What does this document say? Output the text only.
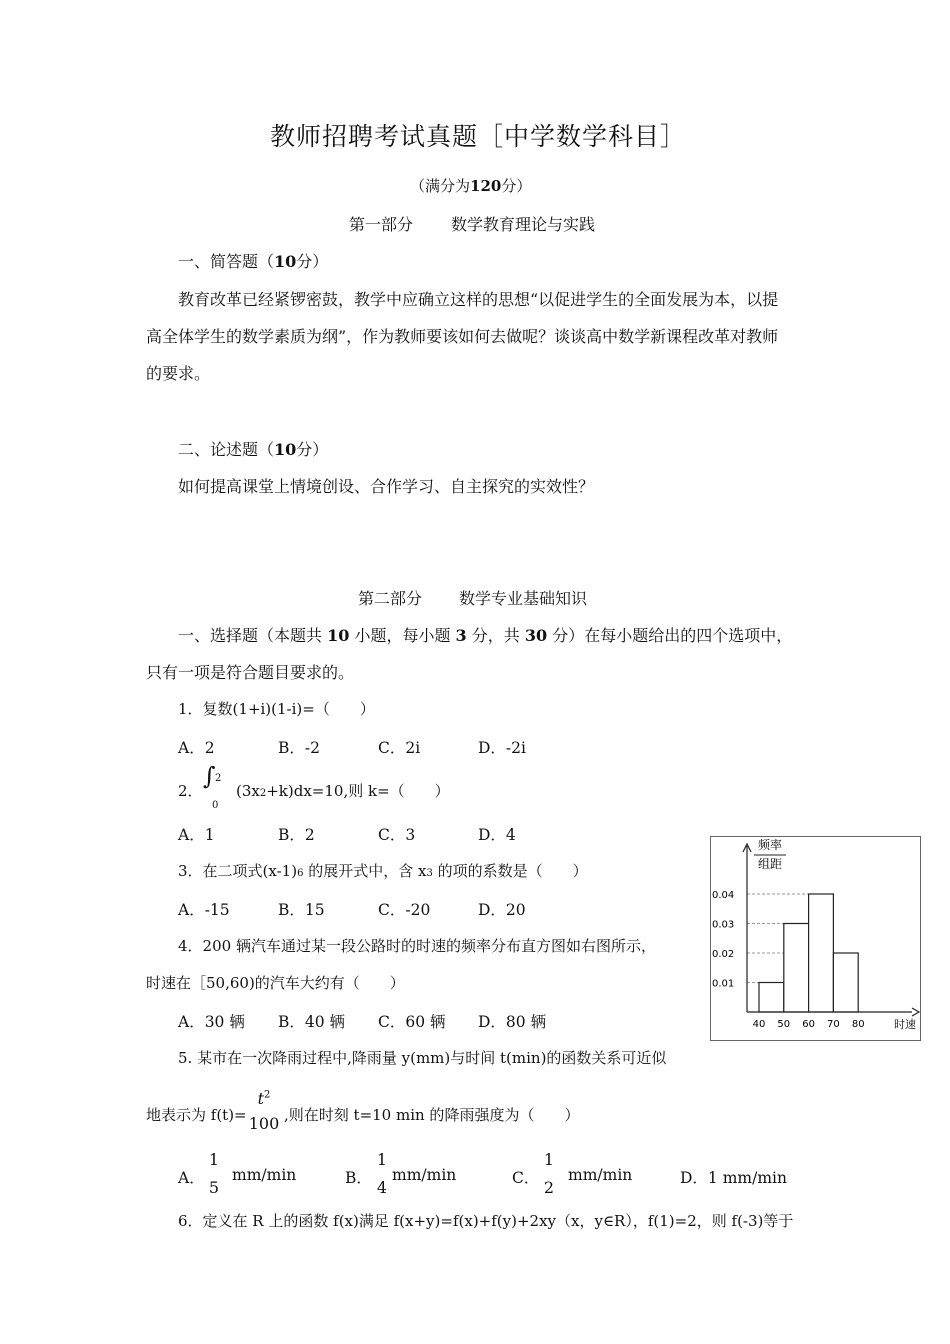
教师招聘考试真题［中学数学科目］
（满分为120分）
第一部分 数学教育理论与实践
一、简答题（10分）
教育改革已经紧锣密鼓，教学中应确立这样的思想“以促进学生的全面发展为本，以提
高全体学生的数学素质为纲”，作为教师要该如何去做呢？谈谈高中数学新课程改革对教师
的要求。
二、论述题（10分）
如何提高课堂上情境创设、合作学习、自主探究的实效性？
第二部分 数学专业基础知识
一、选择题（本题共 10 小题，每小题 3 分，共 30 分）在每小题给出的四个选项中，
只有一项是符合题目要求的。
1．复数(1+i)(1-i)=（　　）
A．2	B．-2	C．2i	D．-2i
2．
∫ 2
0
(3x2+k)dx=10,则 k=（　　）
A．1	B．2	C．3	D．4
3．在二项式(x-1)6 的展开式中，含 x3 的项的系数是（　　）
A．-15	B．15	C．-20	D．20
4．200 辆汽车通过某一段公路时的时速的频率分布直方图如右图所示，
时速在［50,60)的汽车大约有（　　）
A．30 辆 B．40 辆 C．60 辆 D．80 辆
频率
组距
0.01
0.03
0.02
0.04
40 50 60 70 80	时速
5. 某市在一次降雨过程中,降雨量 y(mm)与时间 t(min)的函数关系可近似
地表示为 f(t)=
$t^2$
100 ,则在时刻 t=10 min 的降雨强度为（　　）
A．
1
5
mm/min	B．
1
4
mm/min	C．
1
2
mm/min	D．1 mm/min
6．定义在 R 上的函数 f(x)满足 f(x+y)=f(x)+f(y)+2xy（x，y∈R），f(1)=2，则 f(-3)等于
